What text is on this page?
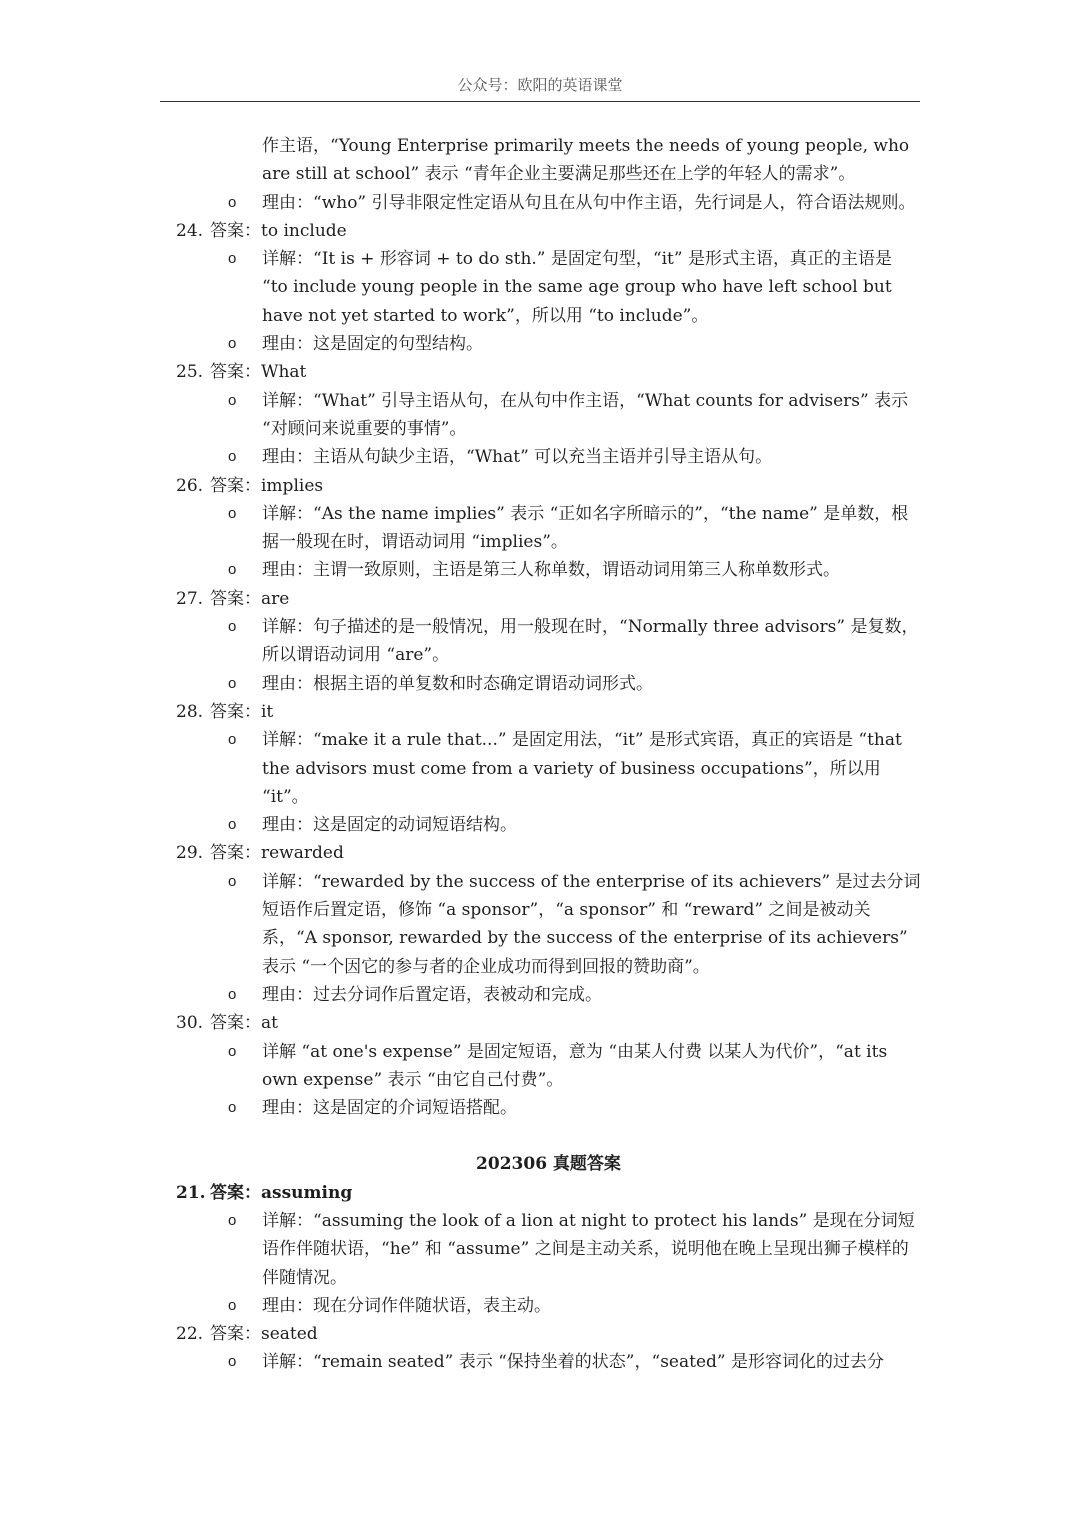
公众号：欧阳的英语课堂
作主语，“Young Enterprise primarily meets the needs of young people, who are still at school” 表示 “青年企业主要满足那些还在上学的年轻人的需求”。
o 理由：“who” 引导非限定性定语从句且在从句中作主语，先行词是人，符合语法规则。
24. 答案：to include
o 详解：“It is + 形容词 + to do sth.” 是固定句型，“it” 是形式主语，真正的主语是 “to include young people in the same age group who have left school but have not yet started to work”，所以用 “to include”。
o 理由：这是固定的句型结构。
25. 答案：What
o 详解：“What” 引导主语从句，在从句中作主语，“What counts for advisers” 表示 “对顾问来说重要的事情”。
o 理由：主语从句缺少主语，“What” 可以充当主语并引导主语从句。
26. 答案：implies
o 详解：“As the name implies” 表示 “正如名字所暗示的”，“the name” 是单数，根据一般现在时，谓语动词用 “implies”。
o 理由：主谓一致原则，主语是第三人称单数，谓语动词用第三人称单数形式。
27. 答案：are
o 详解：句子描述的是一般情况，用一般现在时，“Normally three advisors” 是复数，所以谓语动词用 “are”。
o 理由：根据主语的单复数和时态确定谓语动词形式。
28. 答案：it
o 详解：“make it a rule that...” 是固定用法，“it” 是形式宾语，真正的宾语是 “that the advisors must come from a variety of business occupations”，所以用 “it”。
o 理由：这是固定的动词短语结构。
29. 答案：rewarded
o 详解：“rewarded by the success of the enterprise of its achievers” 是过去分词短语作后置定语，修饰 “a sponsor”，“a sponsor” 和 “reward” 之间是被动关系，“A sponsor, rewarded by the success of the enterprise of its achievers” 表示 “一个因它的参与者的企业成功而得到回报的赞助商”。
o 理由：过去分词作后置定语，表被动和完成。
30. 答案：at
o 详解 “at one's expense” 是固定短语，意为 “由某人付费 以某人为代价”，“at its own expense” 表示 “由它自己付费”。
o 理由：这是固定的介词短语搭配。
202306 真题答案
21. 答案：assuming
o 详解：“assuming the look of a lion at night to protect his lands” 是现在分词短语作伴随状语，“he” 和 “assume” 之间是主动关系，说明他在晚上呈现出狮子模样的伴随情况。
o 理由：现在分词作伴随状语，表主动。
22. 答案：seated
o 详解：“remain seated” 表示 “保持坐着的状态”，“seated” 是形容词化的过去分
